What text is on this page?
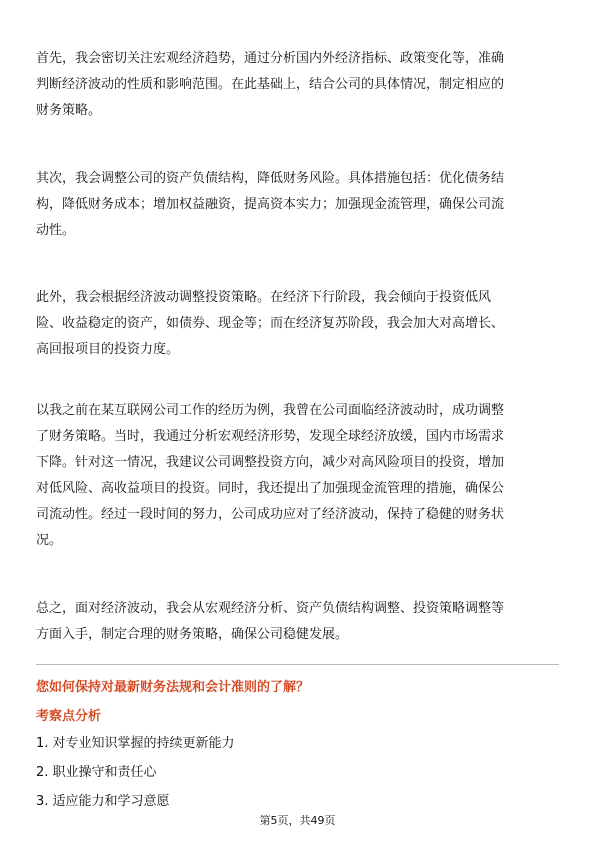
首先，我会密切关注宏观经济趋势，通过分析国内外经济指标、政策变化等，准确
判断经济波动的性质和影响范围。在此基础上，结合公司的具体情况，制定相应的
财务策略。

其次，我会调整公司的资产负债结构，降低财务风险。具体措施包括：优化债务结
构，降低财务成本；增加权益融资，提高资本实力；加强现金流管理，确保公司流
动性。

此外，我会根据经济波动调整投资策略。在经济下行阶段，我会倾向于投资低风
险、收益稳定的资产，如债券、现金等；而在经济复苏阶段，我会加大对高增长、
高回报项目的投资力度。

以我之前在某互联网公司工作的经历为例，我曾在公司面临经济波动时，成功调整
了财务策略。当时，我通过分析宏观经济形势，发现全球经济放缓，国内市场需求
下降。针对这一情况，我建议公司调整投资方向，减少对高风险项目的投资，增加
对低风险、高收益项目的投资。同时，我还提出了加强现金流管理的措施，确保公
司流动性。经过一段时间的努力，公司成功应对了经济波动，保持了稳健的财务状
况。

总之，面对经济波动，我会从宏观经济分析、资产负债结构调整、投资策略调整等
方面入手，制定合理的财务策略，确保公司稳健发展。

您如何保持对最新财务法规和会计准则的了解？
考察点分析
1. 对专业知识掌握的持续更新能力
2. 职业操守和责任心
3. 适应能力和学习意愿
第5页，共49页
